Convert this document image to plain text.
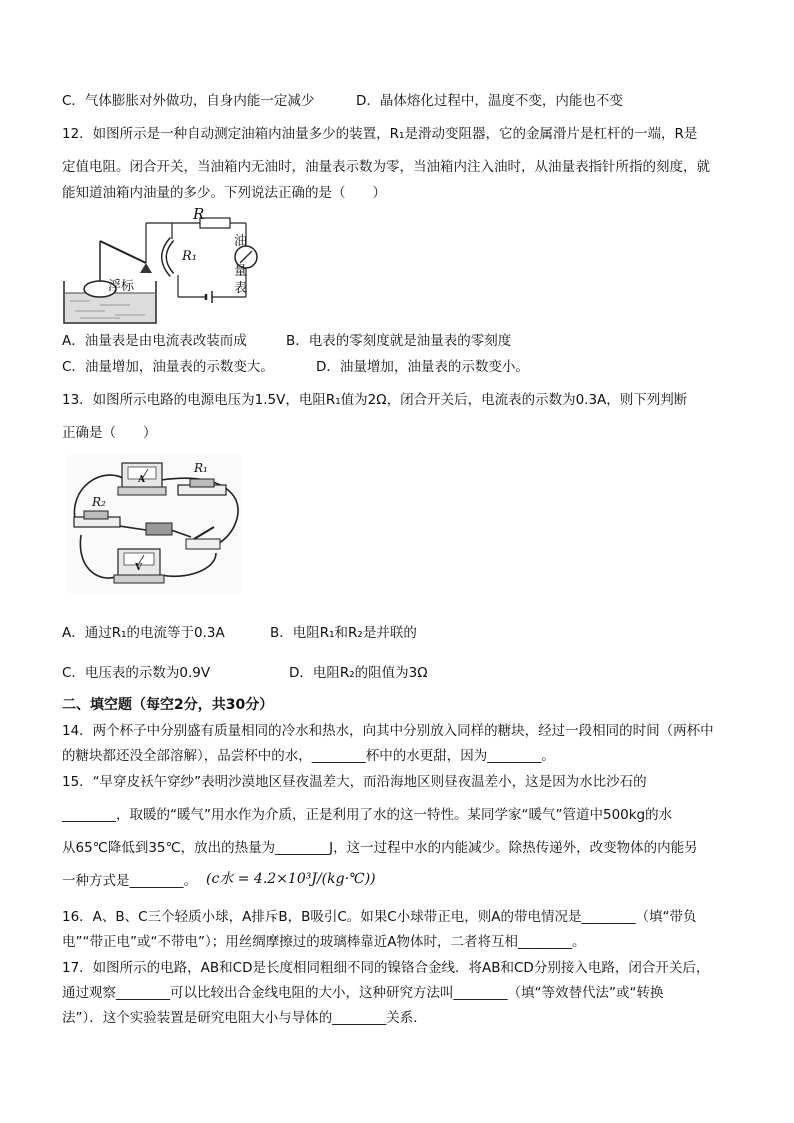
C．气体膨胀对外做功，自身内能一定减少	D．晶体熔化过程中，温度不变，内能也不变
12．如图所示是一种自动测定油箱内油量多少的装置，R₁是滑动变阻器，它的金属滑片是杠杆的一端，R是
定值电阻。闭合开关，当油箱内无油时，油量表示数为零，当油箱内注入油时，从油量表指针所指的刻度，就
能知道油箱内油量的多少。下列说法正确的是（　　）
R
R₁
浮标
油
量
表
A．油量表是由电流表改装而成	B．电表的零刻度就是油量表的零刻度
C．油量增加，油量表的示数变大。	D．油量增加，油量表的示数变小。
13．如图所示电路的电源电压为1.5V，电阻R₁值为2Ω，闭合开关后，电流表的示数为0.3A，则下列判断
正确是（　　）
R₁
R₂
A
V
A．通过R₁的电流等于0.3A	B．电阻R₁和R₂是并联的
C．电压表的示数为0.9V	D．电阻R₂的阻值为3Ω
二、填空题（每空2分，共30分）
14．两个杯子中分别盛有质量相同的冷水和热水，向其中分别放入同样的糖块，经过一段相同的时间（两杯中
的糖块都还没全部溶解），品尝杯中的水，________杯中的水更甜，因为________。
15．“早穿皮袄午穿纱”表明沙漠地区昼夜温差大，而沿海地区则昼夜温差小，这是因为水比沙石的
________，取暖的“暖气”用水作为介质，正是利用了水的这一特性。某同学家“暖气”管道中500kg的水
从65℃降低到35℃，放出的热量为________J，这一过程中水的内能减少。除热传递外，改变物体的内能另
一种方式是________。 (c水 = 4.2×10³J/(kg·℃))
16．A、B、C三个轻质小球，A排斥B，B吸引C。如果C小球带正电，则A的带电情况是________（填“带负
电”“带正电”或“不带电”）；用丝绸摩擦过的玻璃棒靠近A物体时，二者将互相________。
17．如图所示的电路，AB和CD是长度相同粗细不同的镍铬合金线．将AB和CD分别接入电路，闭合开关后，
通过观察________可以比较出合金线电阻的大小，这种研究方法叫________（填“等效替代法”或“转换
法”）．这个实验装置是研究电阻大小与导体的________关系．
